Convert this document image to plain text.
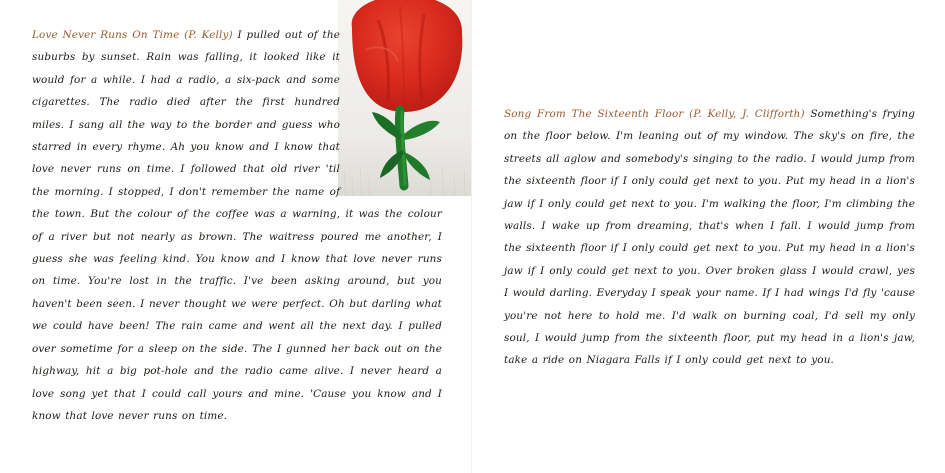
Love Never Runs On Time (P. Kelly) I pulled out of the suburbs by sunset. Rain was falling, it looked like it would for a while. I had a radio, a six-pack and some cigarettes. The radio died after the first hundred miles. I sang all the way to the border and guess who starred in every rhyme. Ah you know and I know that love never runs on time. I followed that old river 'til the morning. I stopped, I don't remember the name of the town. But the colour of the coffee was a warning, it was the colour of a river but not nearly as brown. The waitress poured me another, I guess she was feeling kind. You know and I know that love never runs on time. You're lost in the traffic. I've been asking around, but you haven't been seen. I never thought we were perfect. Oh but darling what we could have been! The rain came and went all the next day. I pulled over sometime for a sleep on the side. The I gunned her back out on the highway, hit a big pot-hole and the radio came alive. I never heard a love song yet that I could call yours and mine. 'Cause you know and I know that love never runs on time.

Song From The Sixteenth Floor (P. Kelly, J. Clifforth) Something's frying on the floor below. I'm leaning out of my window. The sky's on fire, the streets all aglow and somebody's singing to the radio. I would jump from the sixteenth floor if I only could get next to you. Put my head in a lion's jaw if I only could get next to you. I'm walking the floor, I'm climbing the walls. I wake up from dreaming, that's when I fall. I would jump from the sixteenth floor if I only could get next to you. Put my head in a lion's jaw if I only could get next to you. Over broken glass I would crawl, yes I would darling. Everyday I speak your name. If I had wings I'd fly 'cause you're not here to hold me. I'd walk on burning coal, I'd sell my only soul, I would jump from the sixteenth floor, put my head in a lion's jaw, take a ride on Niagara Falls if I only could get next to you.
